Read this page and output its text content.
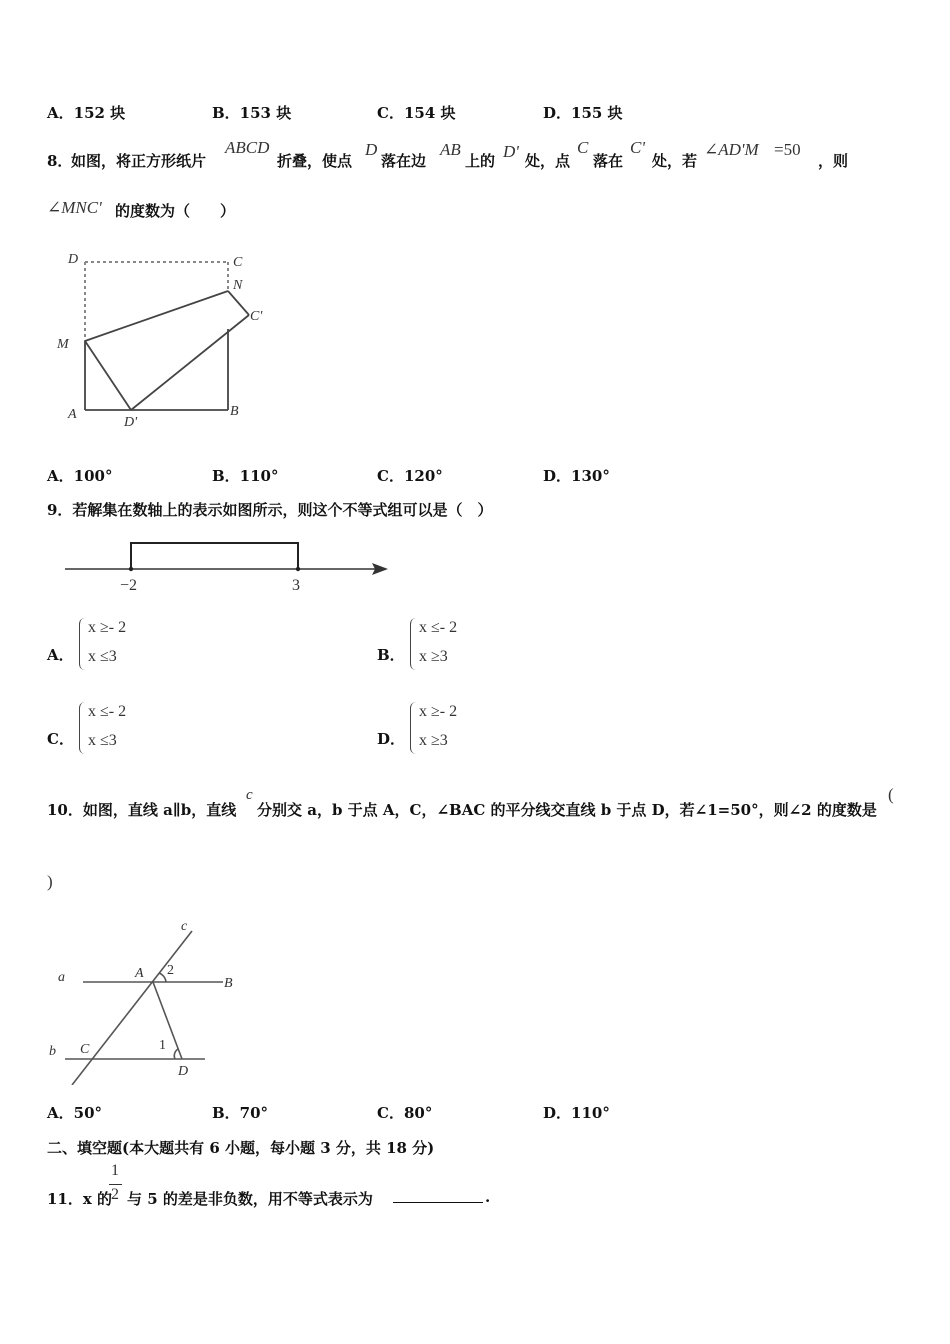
A．152 块	B．153 块	C．154 块	D．155 块
8．
如图，将正方形纸片
ABCD
折叠，使点
D
落在边
AB
上的 D' 处，点
C
落在
C'
处，若
∠AD'M =50
，则
∠MNC' 的度数为（　　）
D	C
N
C'
M
A
D'
B
A．100°	B．110°	C．120°	D．130°
9．若解集在数轴上的表示如图所示，则这个不等式组可以是（　）
−2	3
A．
x ≥- 2
x ≤3	B．
x ≤- 2
x ≥3
C．
x ≤- 2
x ≤3	D．
x ≥- 2
x ≥3
10．如图，直线 a∥b，直线
c
分别交 a，b 于点 A，C，∠BAC 的平分线交直线 b 于点 D，若∠1=50°，则∠2 的度数是
(
)
c
a	A 2
B
b C	1
D
A．50°	B．70°	C．80°	D．110°
二、填空题(本大题共有 6 小题，每小题 3 分，共 18 分)
11．x 的
1
2 与 5 的差是非负数，用不等式表示为	.
